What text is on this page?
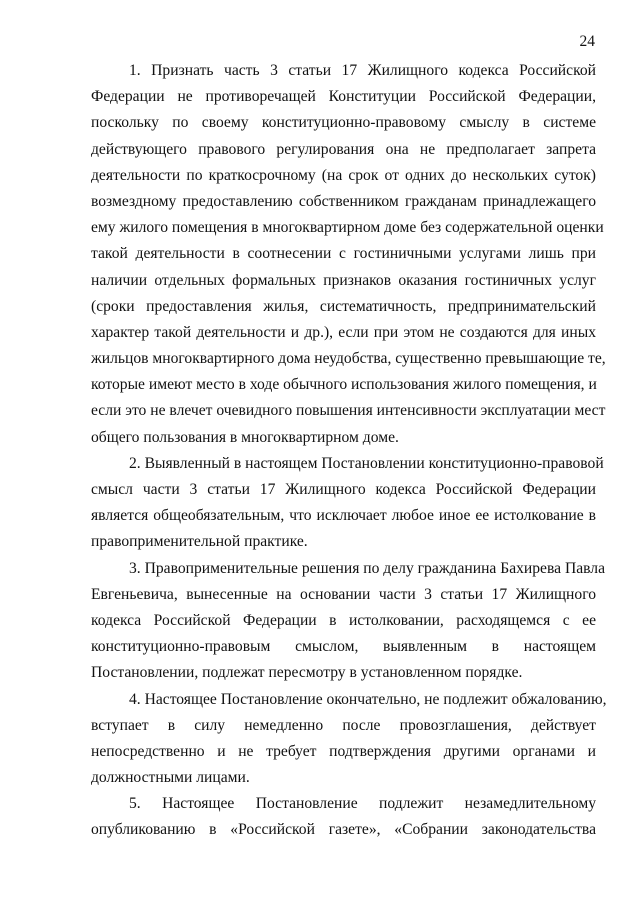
24
1. Признать часть 3 статьи 17 Жилищного кодекса Российской
Федерации не противоречащей Конституции Российской Федерации,
поскольку по своему конституционно-правовому смыслу в системе
действующего правового регулирования она не предполагает запрета
деятельности по краткосрочному (на срок от одних до нескольких суток)
возмездному предоставлению собственником гражданам принадлежащего
ему жилого помещения в многоквартирном доме без содержательной оценки
такой деятельности в соотнесении с гостиничными услугами лишь при
наличии отдельных формальных признаков оказания гостиничных услуг
(сроки предоставления жилья, систематичность, предпринимательский
характер такой деятельности и др.), если при этом не создаются для иных
жильцов многоквартирного дома неудобства, существенно превышающие те,
которые имеют место в ходе обычного использования жилого помещения, и
если это не влечет очевидного повышения интенсивности эксплуатации мест
общего пользования в многоквартирном доме.
2. Выявленный в настоящем Постановлении конституционно-правовой
смысл части 3 статьи 17 Жилищного кодекса Российской Федерации
является общеобязательным, что исключает любое иное ее истолкование в
правоприменительной практике.
3. Правоприменительные решения по делу гражданина Бахирева Павла
Евгеньевича, вынесенные на основании части 3 статьи 17 Жилищного
кодекса Российской Федерации в истолковании, расходящемся с ее
конституционно-правовым смыслом, выявленным в настоящем
Постановлении, подлежат пересмотру в установленном порядке.
4. Настоящее Постановление окончательно, не подлежит обжалованию,
вступает в силу немедленно после провозглашения, действует
непосредственно и не требует подтверждения другими органами и
должностными лицами.
5. Настоящее Постановление подлежит незамедлительному
опубликованию в «Российской газете», «Собрании законодательства
